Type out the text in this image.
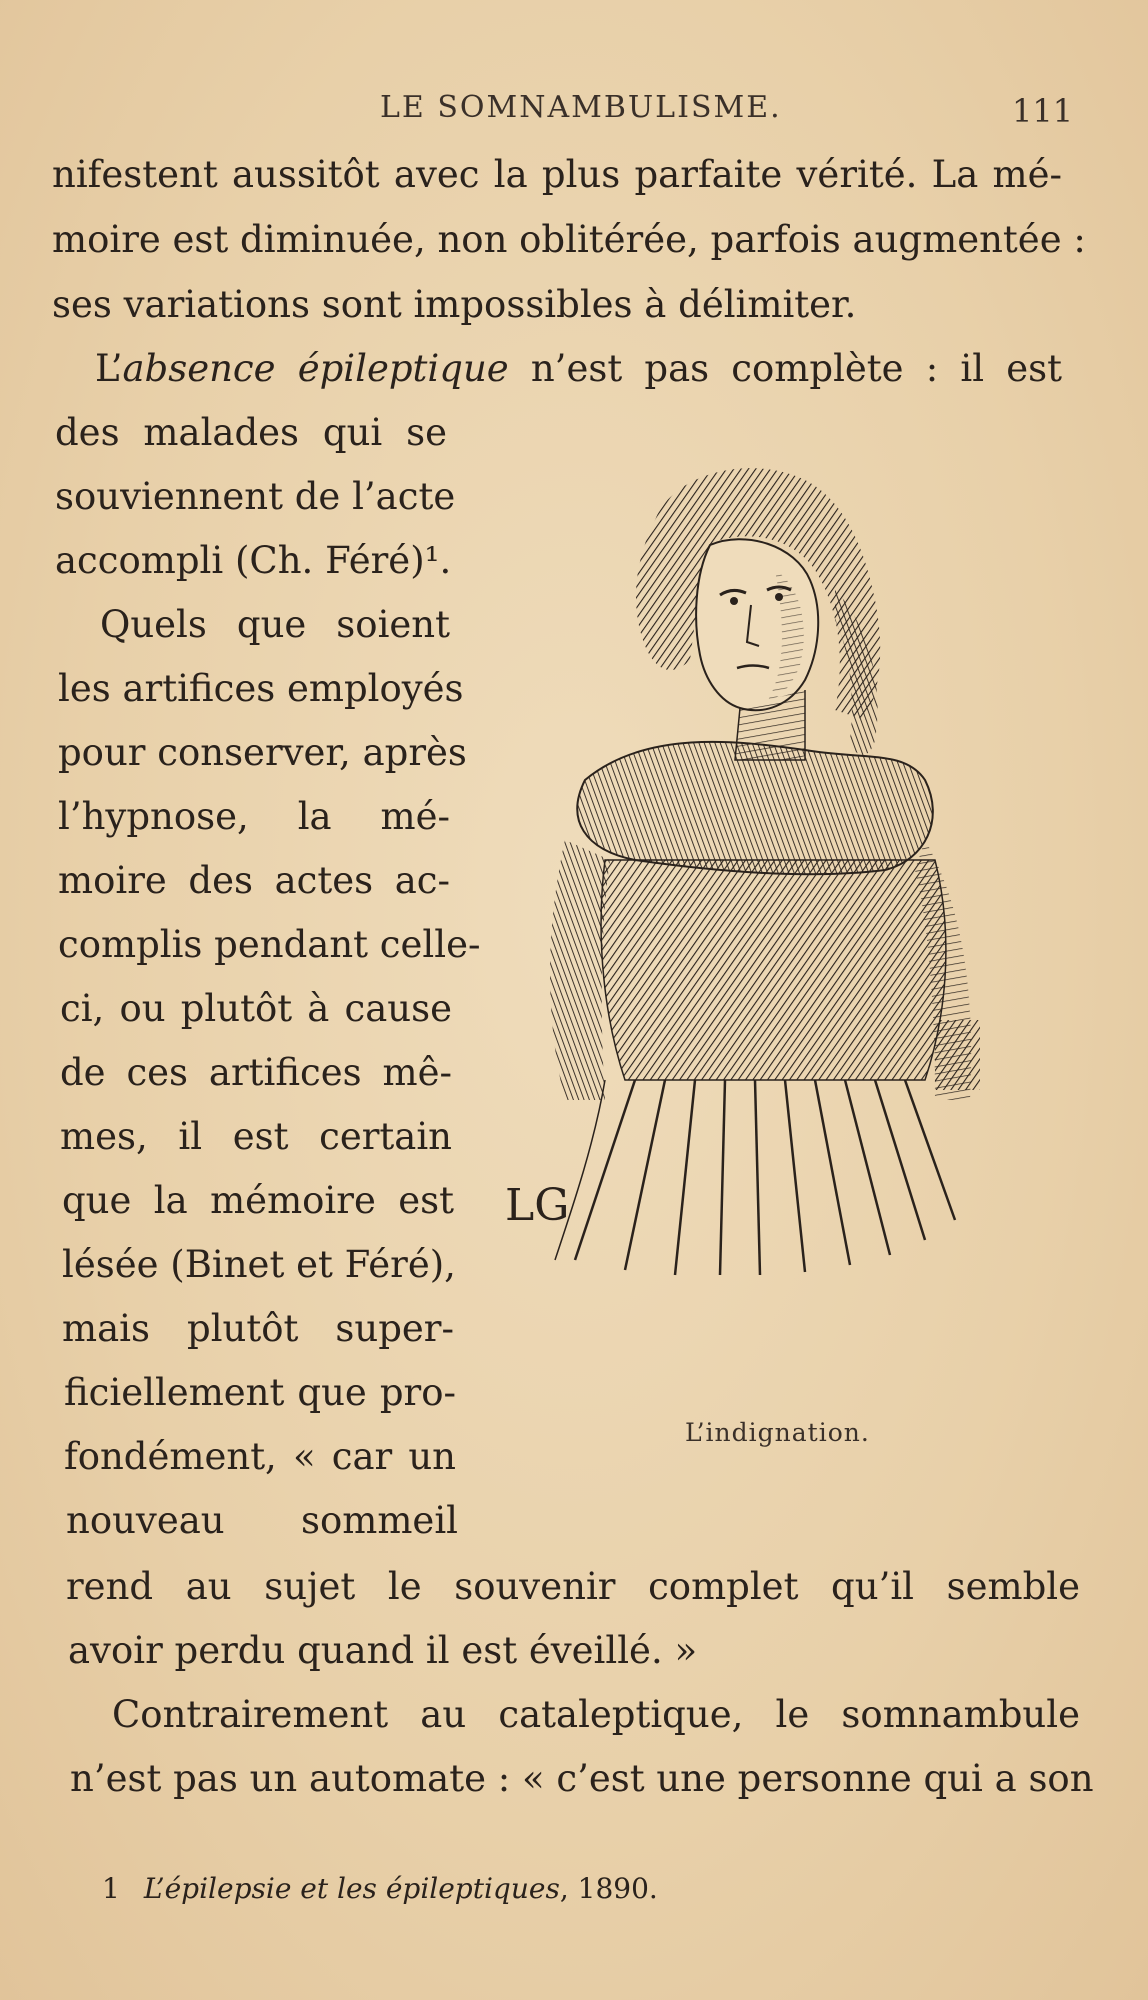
LE SOMNAMBULISME.	111
nifestent aussitôt avec la plus parfaite vérité. La mé-
moire est diminuée, non oblitérée, parfois augmentée :
ses variations sont impossibles à délimiter.
L’absence épileptique n’est pas complète : il est
des malades qui se
souviennent de l’acte
accompli (Ch. Féré)¹.
Quels que soient
les artifices employés
pour conserver, après
l’hypnose, la mé-
moire des actes ac-
complis pendant celle-
ci, ou plutôt à cause
de ces artifices mê-
mes, il est certain
que la mémoire est
lésée (Binet et Féré),
mais plutôt super-
ficiellement que pro-
fondément, « car un
nouveau sommeil
rend au sujet le souvenir complet qu’il semble
avoir perdu quand il est éveillé. »
Contrairement au cataleptique, le somnambule
n’est pas un automate : « c’est une personne qui a son
LG
L’indignation.
1 L’épilepsie et les épileptiques, 1890.
